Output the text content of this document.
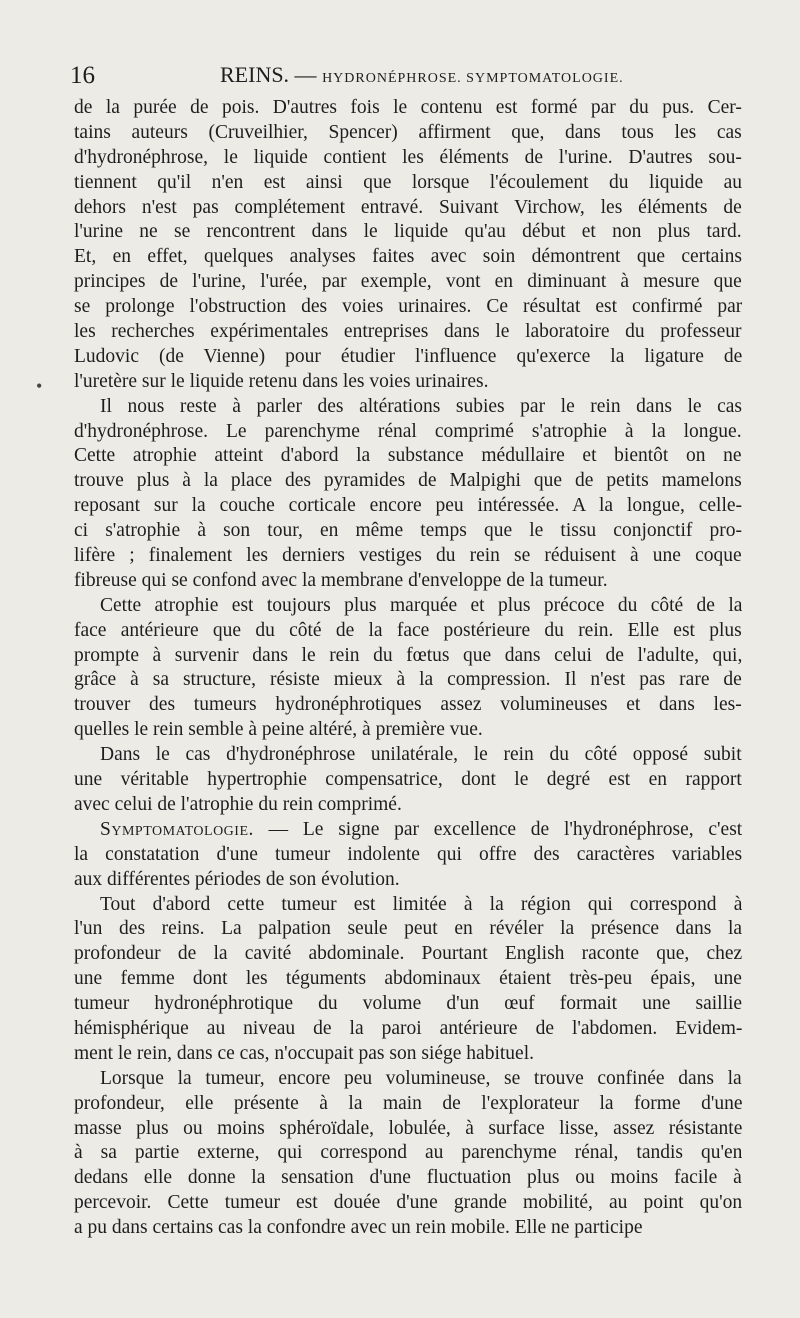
16	REINS. — HYDRONÉPHROSE. SYMPTOMATOLOGIE.
•
de la purée de pois. D'autres fois le contenu est formé par du pus. Cer-
tains auteurs (Cruveilhier, Spencer) affirment que, dans tous les cas
d'hydronéphrose, le liquide contient les éléments de l'urine. D'autres sou-
tiennent qu'il n'en est ainsi que lorsque l'écoulement du liquide au
dehors n'est pas complétement entravé. Suivant Virchow, les éléments de
l'urine ne se rencontrent dans le liquide qu'au début et non plus tard.
Et, en effet, quelques analyses faites avec soin démontrent que certains
principes de l'urine, l'urée, par exemple, vont en diminuant à mesure que
se prolonge l'obstruction des voies urinaires. Ce résultat est confirmé par
les recherches expérimentales entreprises dans le laboratoire du professeur
Ludovic (de Vienne) pour étudier l'influence qu'exerce la ligature de
l'uretère sur le liquide retenu dans les voies urinaires.
Il nous reste à parler des altérations subies par le rein dans le cas
d'hydronéphrose. Le parenchyme rénal comprimé s'atrophie à la longue.
Cette atrophie atteint d'abord la substance médullaire et bientôt on ne
trouve plus à la place des pyramides de Malpighi que de petits mamelons
reposant sur la couche corticale encore peu intéressée. A la longue, celle-
ci s'atrophie à son tour, en même temps que le tissu conjonctif pro-
lifère ; finalement les derniers vestiges du rein se réduisent à une coque
fibreuse qui se confond avec la membrane d'enveloppe de la tumeur.
Cette atrophie est toujours plus marquée et plus précoce du côté de la
face antérieure que du côté de la face postérieure du rein. Elle est plus
prompte à survenir dans le rein du fœtus que dans celui de l'adulte, qui,
grâce à sa structure, résiste mieux à la compression. Il n'est pas rare de
trouver des tumeurs hydronéphrotiques assez volumineuses et dans les-
quelles le rein semble à peine altéré, à première vue.
Dans le cas d'hydronéphrose unilatérale, le rein du côté opposé subit
une véritable hypertrophie compensatrice, dont le degré est en rapport
avec celui de l'atrophie du rein comprimé.
Symptomatologie. — Le signe par excellence de l'hydronéphrose, c'est
la constatation d'une tumeur indolente qui offre des caractères variables
aux différentes périodes de son évolution.
Tout d'abord cette tumeur est limitée à la région qui correspond à
l'un des reins. La palpation seule peut en révéler la présence dans la
profondeur de la cavité abdominale. Pourtant English raconte que, chez
une femme dont les téguments abdominaux étaient très-peu épais, une
tumeur hydronéphrotique du volume d'un œuf formait une saillie
hémisphérique au niveau de la paroi antérieure de l'abdomen. Evidem-
ment le rein, dans ce cas, n'occupait pas son siége habituel.
Lorsque la tumeur, encore peu volumineuse, se trouve confinée dans la
profondeur, elle présente à la main de l'explorateur la forme d'une
masse plus ou moins sphéroïdale, lobulée, à surface lisse, assez résistante
à sa partie externe, qui correspond au parenchyme rénal, tandis qu'en
dedans elle donne la sensation d'une fluctuation plus ou moins facile à
percevoir. Cette tumeur est douée d'une grande mobilité, au point qu'on
a pu dans certains cas la confondre avec un rein mobile. Elle ne participe
